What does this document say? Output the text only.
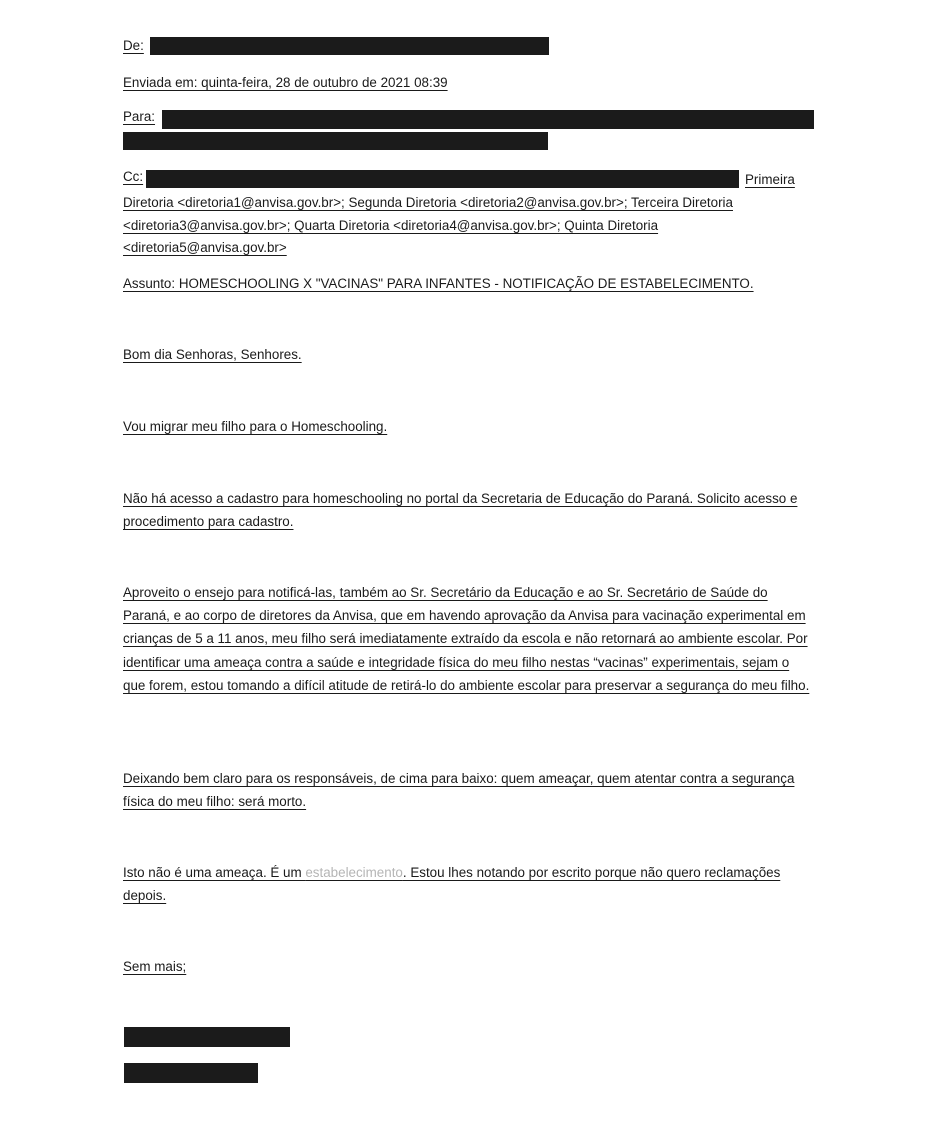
De:
Enviada em: quinta-feira, 28 de outubro de 2021 08:39
Para:
Cc:	Primeira
Diretoria <diretoria1@anvisa.gov.br>; Segunda Diretoria <diretoria2@anvisa.gov.br>; Terceira Diretoria
<diretoria3@anvisa.gov.br>; Quarta Diretoria <diretoria4@anvisa.gov.br>; Quinta Diretoria
<diretoria5@anvisa.gov.br>
Assunto: HOMESCHOOLING X "VACINAS" PARA INFANTES - NOTIFICAÇÃO DE ESTABELECIMENTO.
Bom dia Senhoras, Senhores.
Vou migrar meu filho para o Homeschooling.
Não há acesso a cadastro para homeschooling no portal da Secretaria de Educação do Paraná. Solicito acesso e procedimento para cadastro.
Aproveito o ensejo para notificá-las, também ao Sr. Secretário da Educação e ao Sr. Secretário de Saúde do Paraná, e ao corpo de diretores da Anvisa, que em havendo aprovação da Anvisa para vacinação experimental em crianças de 5 a 11 anos, meu filho será imediatamente extraído da escola e não retornará ao ambiente escolar. Por identificar uma ameaça contra a saúde e integridade física do meu filho nestas “vacinas” experimentais, sejam o que forem, estou tomando a difícil atitude de retirá-lo do ambiente escolar para preservar a segurança do meu filho.
Deixando bem claro para os responsáveis, de cima para baixo: quem ameaçar, quem atentar contra a segurança física do meu filho: será morto.
Isto não é uma ameaça. É um estabelecimento. Estou lhes notando por escrito porque não quero reclamações depois.
Sem mais;
